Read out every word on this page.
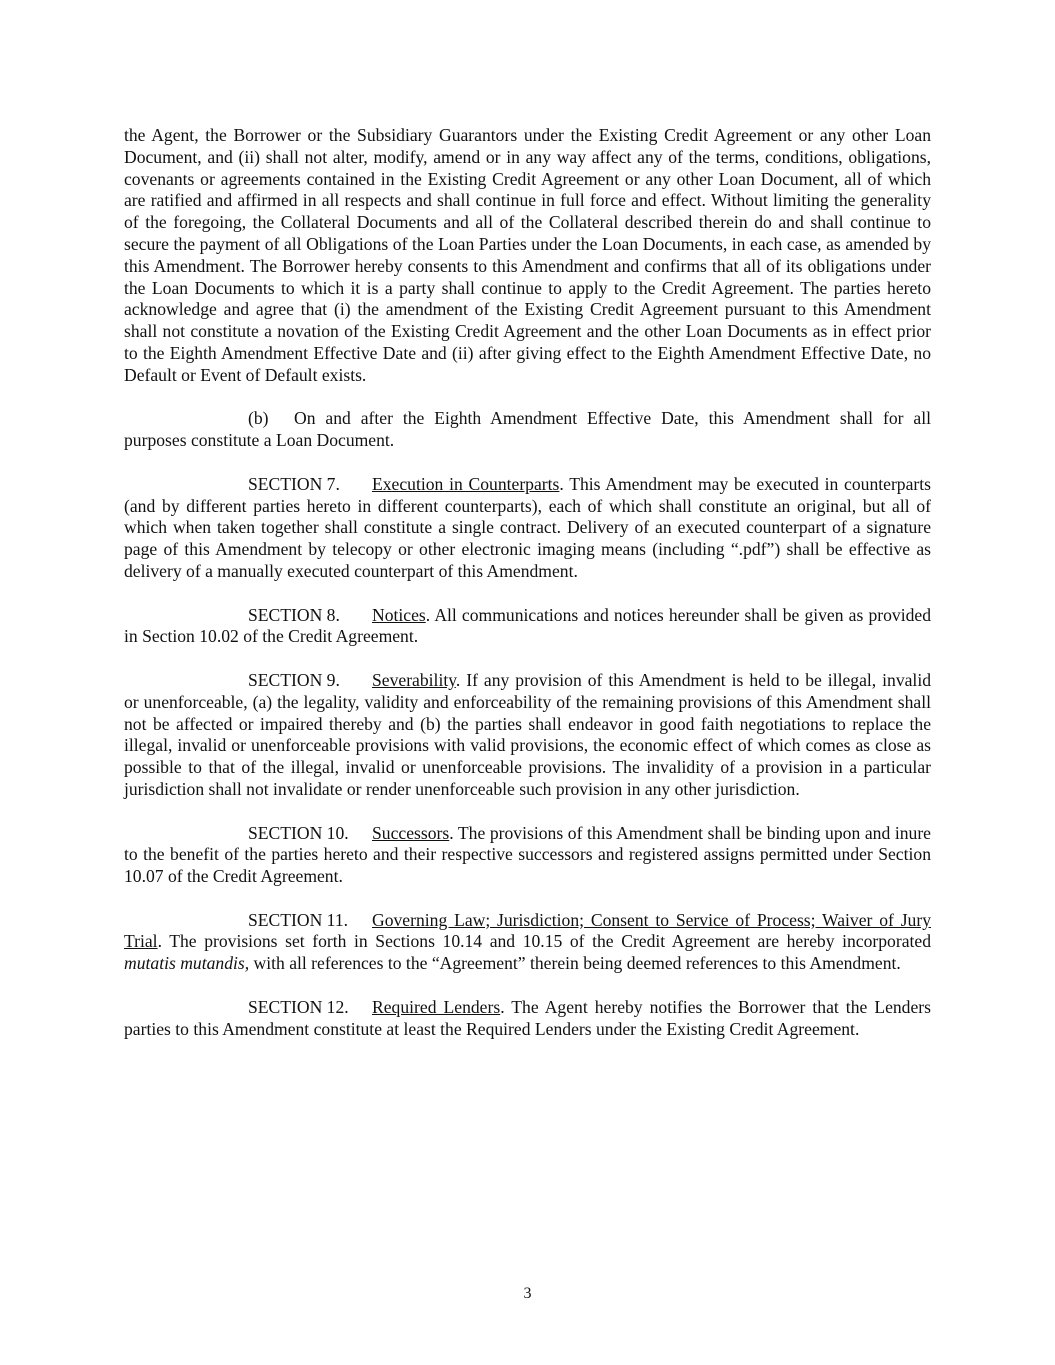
the Agent, the Borrower or the Subsidiary Guarantors under the Existing Credit Agreement or any other Loan Document, and (ii) shall not alter, modify, amend or in any way affect any of the terms, conditions, obligations, covenants or agreements contained in the Existing Credit Agreement or any other Loan Document, all of which are ratified and affirmed in all respects and shall continue in full force and effect. Without limiting the generality of the foregoing, the Collateral Documents and all of the Collateral described therein do and shall continue to secure the payment of all Obligations of the Loan Parties under the Loan Documents, in each case, as amended by this Amendment. The Borrower hereby consents to this Amendment and confirms that all of its obligations under the Loan Documents to which it is a party shall continue to apply to the Credit Agreement. The parties hereto acknowledge and agree that (i) the amendment of the Existing Credit Agreement pursuant to this Amendment shall not constitute a novation of the Existing Credit Agreement and the other Loan Documents as in effect prior to the Eighth Amendment Effective Date and (ii) after giving effect to the Eighth Amendment Effective Date, no Default or Event of Default exists.

(b) On and after the Eighth Amendment Effective Date, this Amendment shall for all purposes constitute a Loan Document.

SECTION 7. Execution in Counterparts. This Amendment may be executed in counterparts (and by different parties hereto in different counterparts), each of which shall constitute an original, but all of which when taken together shall constitute a single contract. Delivery of an executed counterpart of a signature page of this Amendment by telecopy or other electronic imaging means (including “.pdf”) shall be effective as delivery of a manually executed counterpart of this Amendment.

SECTION 8. Notices. All communications and notices hereunder shall be given as provided in Section 10.02 of the Credit Agreement.

SECTION 9. Severability. If any provision of this Amendment is held to be illegal, invalid or unenforceable, (a) the legality, validity and enforceability of the remaining provisions of this Amendment shall not be affected or impaired thereby and (b) the parties shall endeavor in good faith negotiations to replace the illegal, invalid or unenforceable provisions with valid provisions, the economic effect of which comes as close as possible to that of the illegal, invalid or unenforceable provisions. The invalidity of a provision in a particular jurisdiction shall not invalidate or render unenforceable such provision in any other jurisdiction.

SECTION 10. Successors. The provisions of this Amendment shall be binding upon and inure to the benefit of the parties hereto and their respective successors and registered assigns permitted under Section 10.07 of the Credit Agreement.

SECTION 11. Governing Law; Jurisdiction; Consent to Service of Process; Waiver of Jury Trial. The provisions set forth in Sections 10.14 and 10.15 of the Credit Agreement are hereby incorporated mutatis mutandis, with all references to the “Agreement” therein being deemed references to this Amendment.

SECTION 12. Required Lenders. The Agent hereby notifies the Borrower that the Lenders parties to this Amendment constitute at least the Required Lenders under the Existing Credit Agreement.

3
